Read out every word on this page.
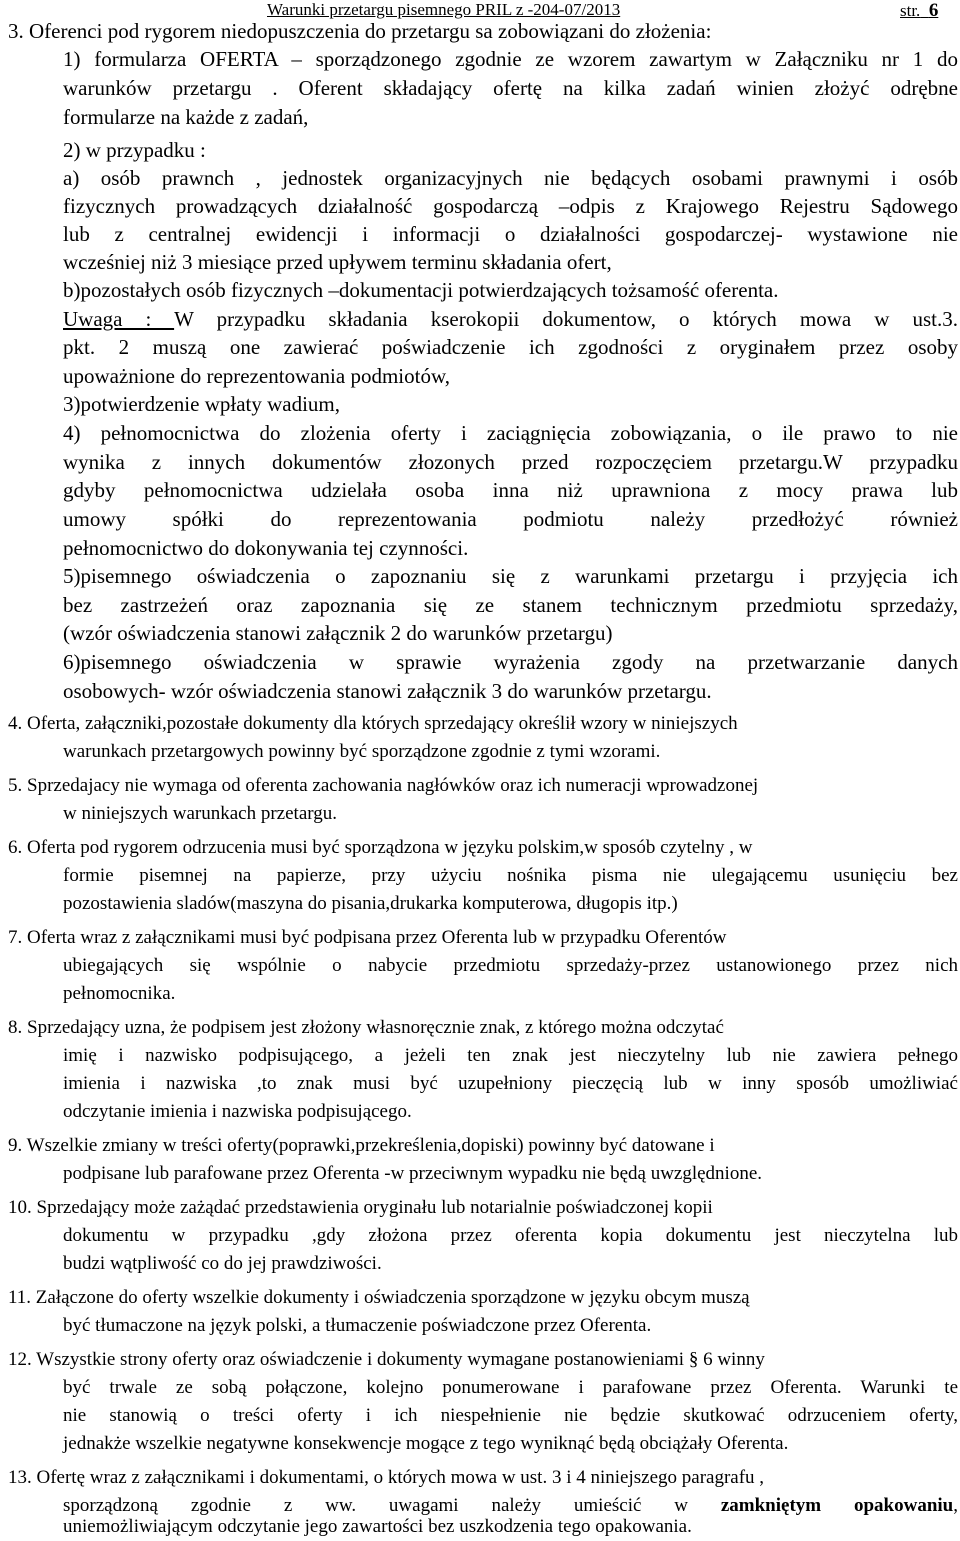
Warunki przetargu pisemnego PRIL z -204-07/2013	str. 6
3. Oferenci pod rygorem niedopuszczenia do przetargu sa zobowiązani do złożenia:
1) formularza OFERTA – sporządzonego zgodnie ze wzorem zawartym w Załączniku nr 1 do
warunków przetargu . Oferent składający ofertę na kilka zadań winien złożyć odrębne
formularze na każde z zadań,
2) w przypadku :
a) osób prawnch , jednostek organizacyjnych nie będących osobami prawnymi i osób
fizycznych prowadzących działalność gospodarczą –odpis z Krajowego Rejestru Sądowego
lub z centralnej ewidencji i informacji o działalności gospodarczej- wystawione nie
wcześniej niż 3 miesiące przed upływem terminu składania ofert,
b)pozostałych osób fizycznych –dokumentacji potwierdzających tożsamość oferenta.
Uwaga : W przypadku składania kserokopii dokumentow, o których mowa w ust.3.
pkt. 2 muszą one zawierać poświadczenie ich zgodności z oryginałem przez osoby
upoważnione do reprezentowania podmiotów,
3)potwierdzenie wpłaty wadium,
4) pełnomocnictwa do zlożenia oferty i zaciągnięcia zobowiązania, o ile prawo to nie
wynika z innych dokumentów złozonych przed rozpoczęciem przetargu.W przypadku
gdyby pełnomocnictwa udzielała osoba inna niż uprawniona z mocy prawa lub
umowy spółki do reprezentowania podmiotu należy przedłożyć również
pełnomocnictwo do dokonywania tej czynności.
5)pisemnego oświadczenia o zapoznaniu się z warunkami przetargu i przyjęcia ich
bez zastrzeżeń oraz zapoznania się ze stanem technicznym przedmiotu sprzedaży,
(wzór oświadczenia stanowi załącznik 2 do warunków przetargu)
6)pisemnego oświadczenia w sprawie wyrażenia zgody na przetwarzanie danych
osobowych- wzór oświadczenia stanowi załącznik 3 do warunków przetargu.
4. Oferta, załączniki,pozostałe dokumenty dla których sprzedający określił wzory w niniejszych
warunkach przetargowych powinny być sporządzone zgodnie z tymi wzorami.
5. Sprzedajacy nie wymaga od oferenta zachowania nagłówków oraz ich numeracji wprowadzonej
w niniejszych warunkach przetargu.
6. Oferta pod rygorem odrzucenia musi być sporządzona w języku polskim,w sposób czytelny , w
formie pisemnej na papierze, przy użyciu nośnika pisma nie ulegającemu usunięciu bez
pozostawienia sladów(maszyna do pisania,drukarka komputerowa, długopis itp.)
7. Oferta wraz z załącznikami musi być podpisana przez Oferenta lub w przypadku Oferentów
ubiegających się wspólnie o nabycie przedmiotu sprzedaży-przez ustanowionego przez nich
pełnomocnika.
8. Sprzedający uzna, że podpisem jest złożony własnoręcznie znak, z którego można odczytać
imię i nazwisko podpisującego, a jeżeli ten znak jest nieczytelny lub nie zawiera pełnego
imienia i nazwiska ,to znak musi być uzupełniony pieczęcią lub w inny sposób umożliwiać
odczytanie imienia i nazwiska podpisującego.
9. Wszelkie zmiany w treści oferty(poprawki,przekreślenia,dopiski) powinny być datowane i
podpisane lub parafowane przez Oferenta -w przeciwnym wypadku nie będą uwzględnione.
10. Sprzedający może zażądać przedstawienia oryginału lub notarialnie poświadczonej kopii
dokumentu w przypadku ,gdy złożona przez oferenta kopia dokumentu jest nieczytelna lub
budzi wątpliwość co do jej prawdziwości.
11. Załączone do oferty wszelkie dokumenty i oświadczenia sporządzone w języku obcym muszą
być tłumaczone na język polski, a tłumaczenie poświadczone przez Oferenta.
12. Wszystkie strony oferty oraz oświadczenie i dokumenty wymagane postanowieniami § 6 winny
być trwale ze sobą połączone, kolejno ponumerowane i parafowane przez Oferenta. Warunki te
nie stanowią o treści oferty i ich niespełnienie nie będzie skutkować odrzuceniem oferty,
jednakże wszelkie negatywne konsekwencje mogące z tego wyniknąć będą obciążały Oferenta.
13. Ofertę wraz z załącznikami i dokumentami, o których mowa w ust. 3 i 4 niniejszego paragrafu ,
sporządzoną zgodnie z ww. uwagami należy umieścić w zamkniętym opakowaniu,
uniemożliwiającym odczytanie jego zawartości bez uszkodzenia tego opakowania.
